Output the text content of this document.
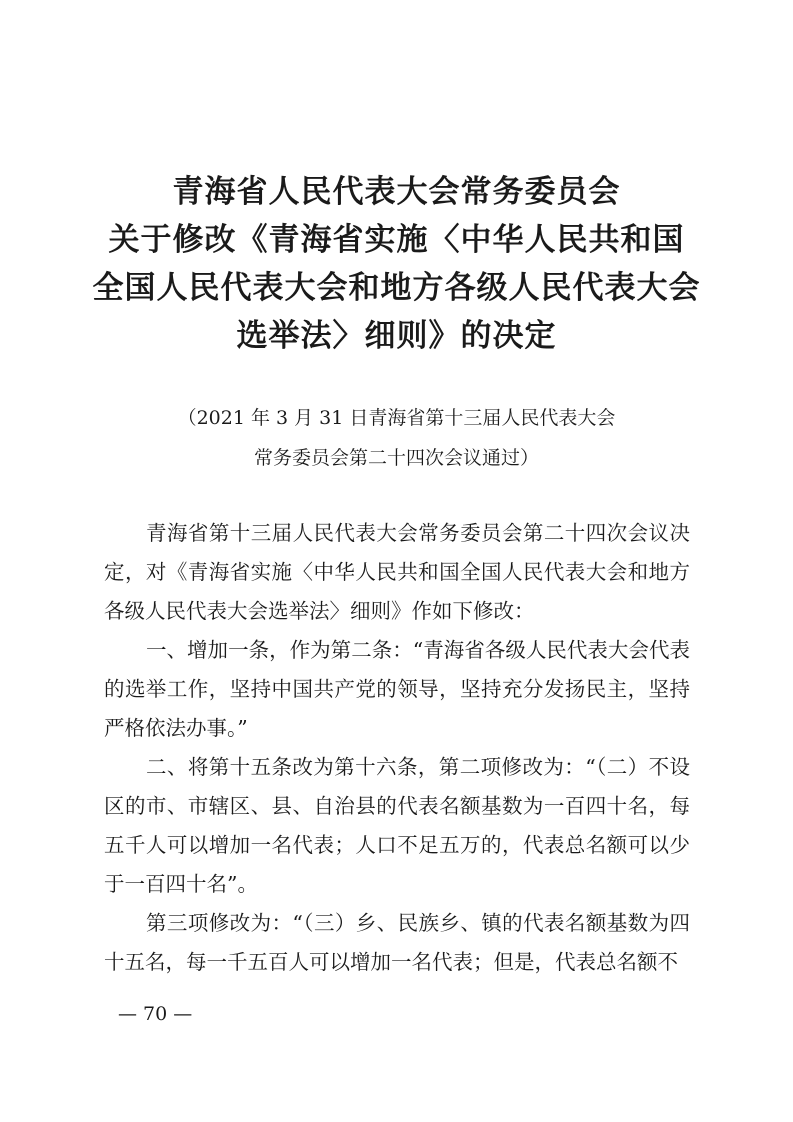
青海省人民代表大会常务委员会
关于修改《青海省实施〈中华人民共和国
全国人民代表大会和地方各级人民代表大会
选举法〉细则》的决定
（2021 年 3 月 31 日青海省第十三届人民代表大会
常务委员会第二十四次会议通过）

青海省第十三届人民代表大会常务委员会第二十四次会议决定，对《青海省实施〈中华人民共和国全国人民代表大会和地方各级人民代表大会选举法〉细则》作如下修改：

一、增加一条，作为第二条：“青海省各级人民代表大会代表的选举工作，坚持中国共产党的领导，坚持充分发扬民主，坚持严格依法办事。”

二、将第十五条改为第十六条，第二项修改为：“（二）不设区的市、市辖区、县、自治县的代表名额基数为一百四十名，每五千人可以增加一名代表；人口不足五万的，代表总名额可以少于一百四十名”。

第三项修改为：“（三）乡、民族乡、镇的代表名额基数为四十五名，每一千五百人可以增加一名代表；但是，代表总名额不

— 70 —
